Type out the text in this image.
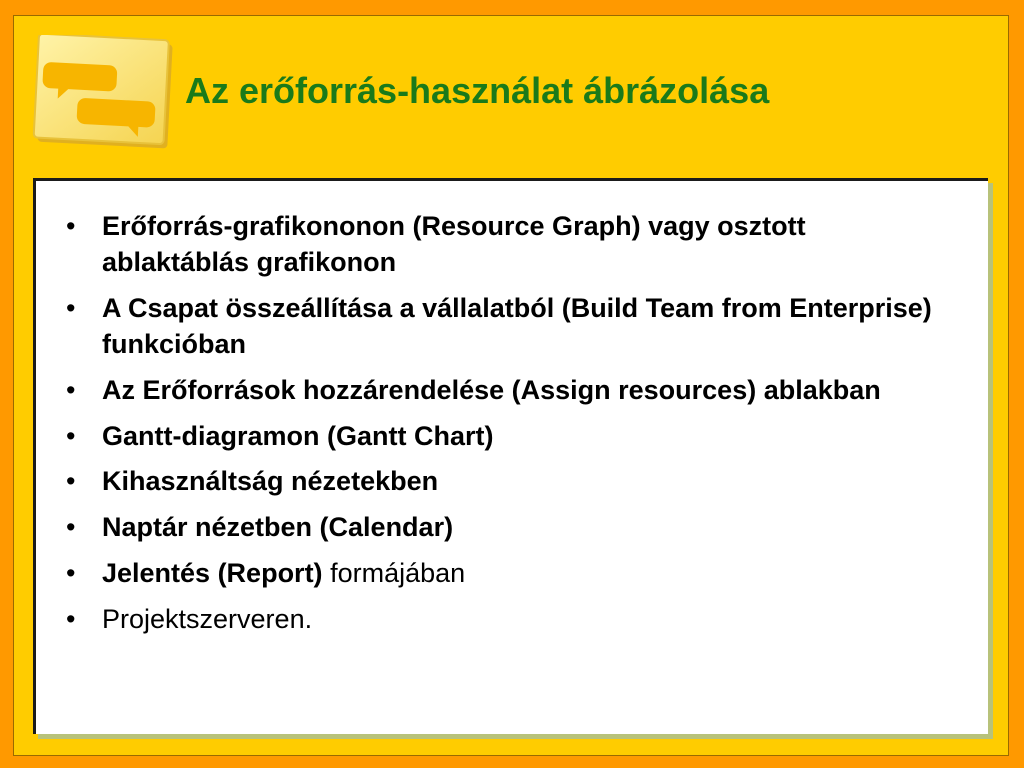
Az erőforrás-használat ábrázolása
• Erőforrás-grafikononon (Resource Graph) vagy osztott ablaktáblás grafikonon
• A Csapat összeállítása a vállalatból (Build Team from Enterprise) funkcióban
• Az Erőforrások hozzárendelése (Assign resources) ablakban
• Gantt-diagramon (Gantt Chart)
• Kihasználtság nézetekben
• Naptár nézetben (Calendar)
• Jelentés (Report) formájában
• Projektszerveren.
